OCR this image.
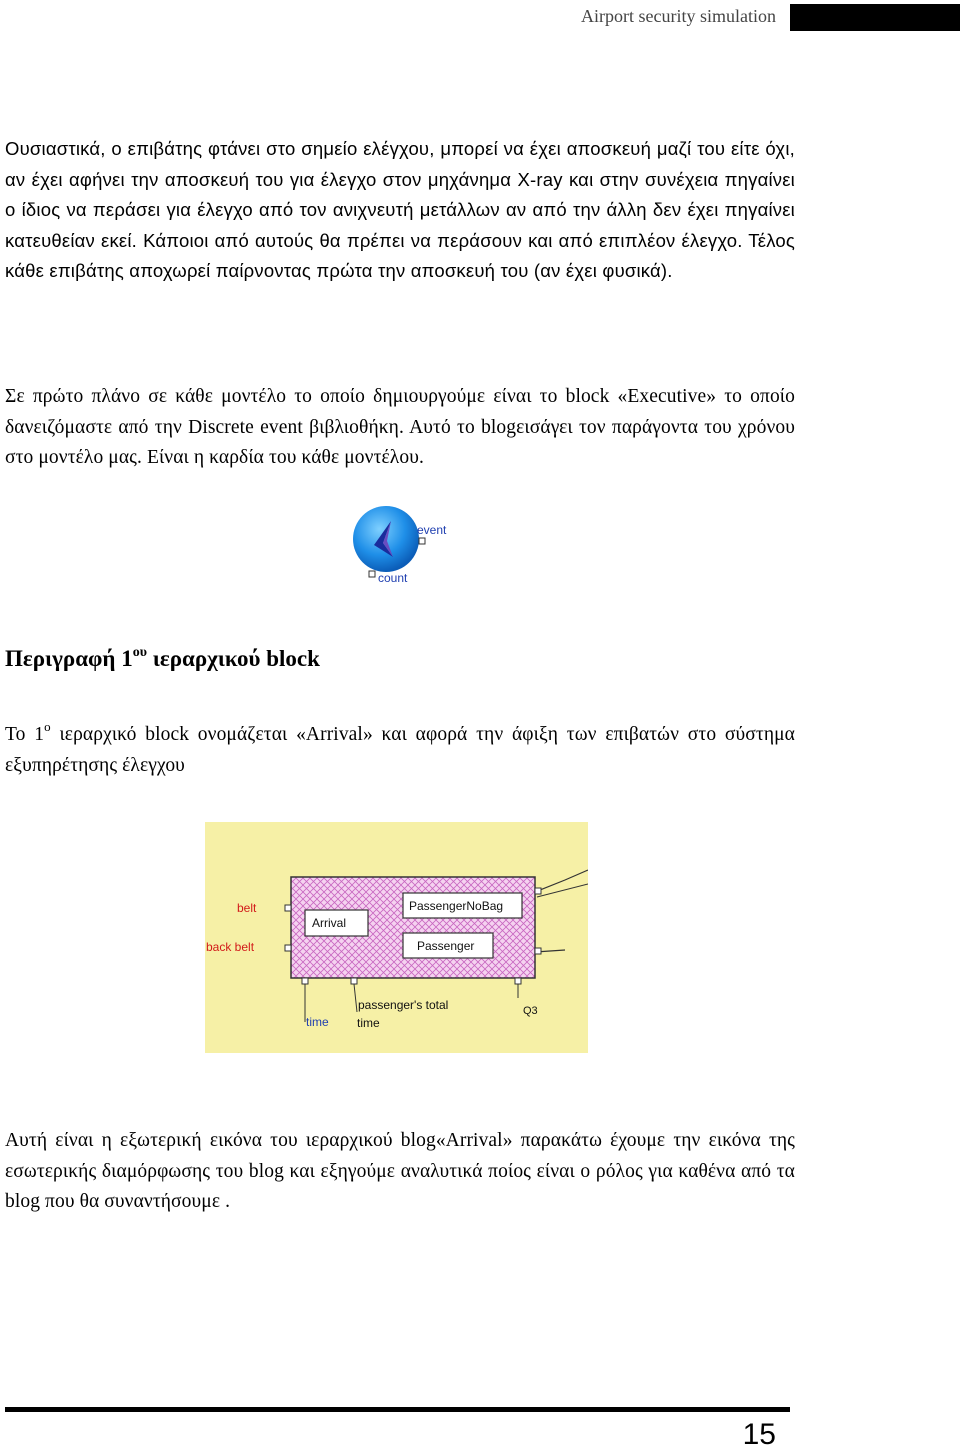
Airport security simulation

Ουσιαστικά, ο επιβάτης φτάνει στο σημείο ελέγχου, μπορεί να έχει αποσκευή μαζί του είτε όχι, αν έχει αφήνει την αποσκευή του για έλεγχο στον μηχάνημα X-ray και στην συνέχεια πηγαίνει ο ίδιος να περάσει για έλεγχο από τον ανιχνευτή μετάλλων αν από την άλλη δεν έχει πηγαίνει κατευθείαν εκεί. Κάποιοι από αυτούς θα πρέπει να περάσουν και από επιπλέον έλεγχο. Τέλος κάθε επιβάτης αποχωρεί παίρνοντας πρώτα την αποσκευή του (αν έχει φυσικά).

Σε πρώτο πλάνο σε κάθε μοντέλο το οποίο δημιουργούμε είναι το block «Executive» το οποίο δανειζόμαστε από την Discrete event βιβλιοθήκη. Αυτό το blogεισάγει τον παράγοντα του χρόνου στο μοντέλο μας. Είναι η καρδία του κάθε μοντέλου.

event
count
Περιγραφή $1^{o\upsilon}$ ιεραρχικού block

Το $1^o$ ιεραρχικό block ονομάζεται «Arrival» και αφορά την άφιξη των επιβατών στο σύστημα εξυπηρέτησης έλεγχου

belt
back belt
Arrival
PassengerNoBag
Passenger
passenger's total
time
time
Q3

Αυτή είναι η εξωτερική εικόνα του ιεραρχικού blog«Arrival» παρακάτω έχουμε την εικόνα της εσωτερικής διαμόρφωσης του blog και εξηγούμε αναλυτικά ποίος είναι ο ρόλος για καθένα από τα blog που θα συναντήσουμε .

15
